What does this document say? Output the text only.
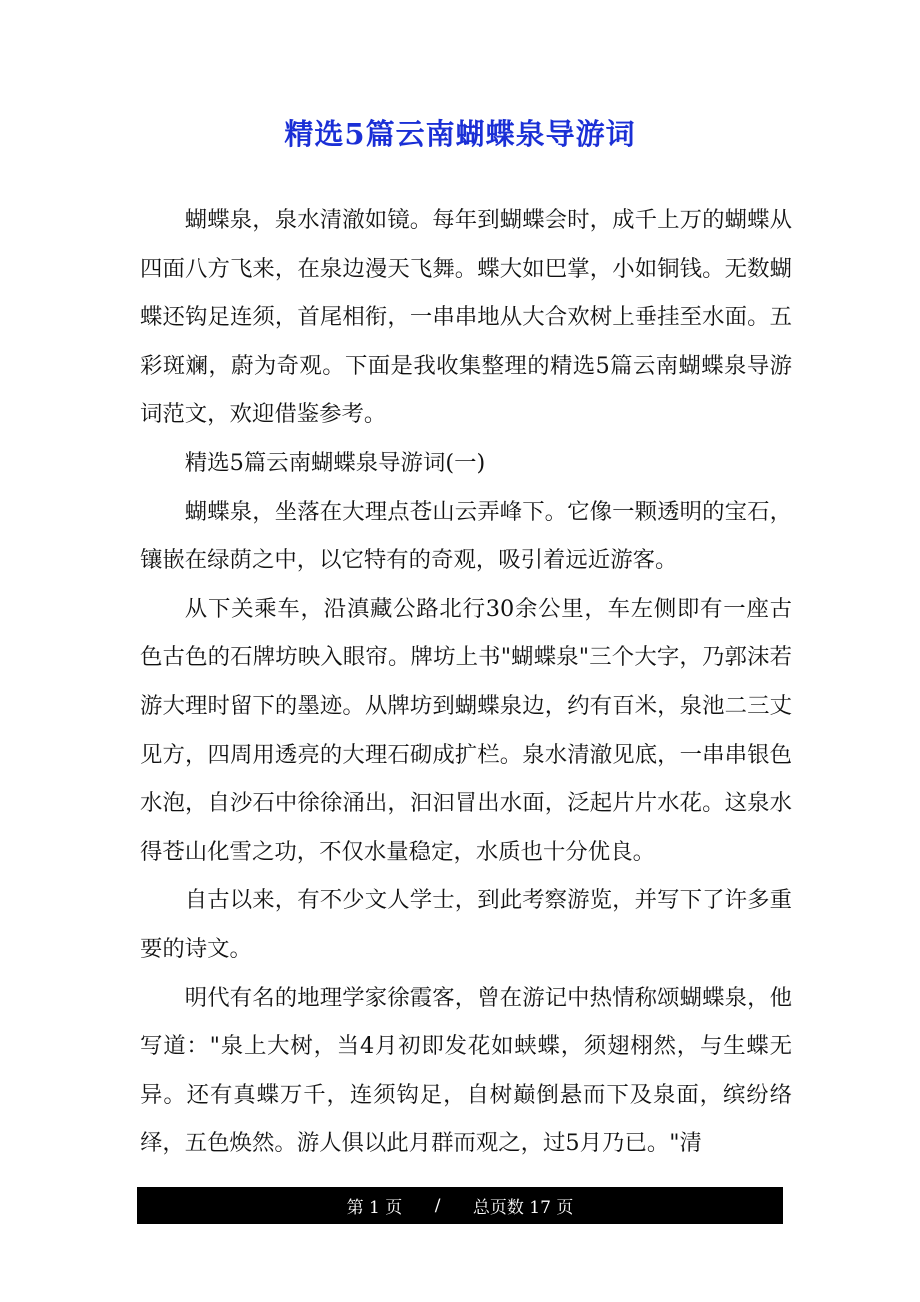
精选5篇云南蝴蝶泉导游词

蝴蝶泉，泉水清澈如镜。每年到蝴蝶会时，成千上万的蝴蝶从四面八方飞来，在泉边漫天飞舞。蝶大如巴掌，小如铜钱。无数蝴蝶还钩足连须，首尾相衔，一串串地从大合欢树上垂挂至水面。五彩斑斓，蔚为奇观。下面是我收集整理的精选5篇云南蝴蝶泉导游词范文，欢迎借鉴参考。

精选5篇云南蝴蝶泉导游词(一)

蝴蝶泉，坐落在大理点苍山云弄峰下。它像一颗透明的宝石，镶嵌在绿荫之中，以它特有的奇观，吸引着远近游客。

从下关乘车，沿滇藏公路北行30余公里，车左侧即有一座古色古色的石牌坊映入眼帘。牌坊上书"蝴蝶泉"三个大字，乃郭沫若游大理时留下的墨迹。从牌坊到蝴蝶泉边，约有百米，泉池二三丈见方，四周用透亮的大理石砌成扩栏。泉水清澈见底，一串串银色水泡，自沙石中徐徐涌出，汩汩冒出水面，泛起片片水花。这泉水得苍山化雪之功，不仅水量稳定，水质也十分优良。

自古以来，有不少文人学士，到此考察游览，并写下了许多重要的诗文。

明代有名的地理学家徐霞客，曾在游记中热情称颂蝴蝶泉，他写道："泉上大树，当4月初即发花如蛱蝶，须翅栩然，与生蝶无异。还有真蝶万千，连须钩足，自树巅倒悬而下及泉面，缤纷络绎，五色焕然。游人俱以此月群而观之，过5月乃已。"清

第 1 页
/
总页数 17 页
